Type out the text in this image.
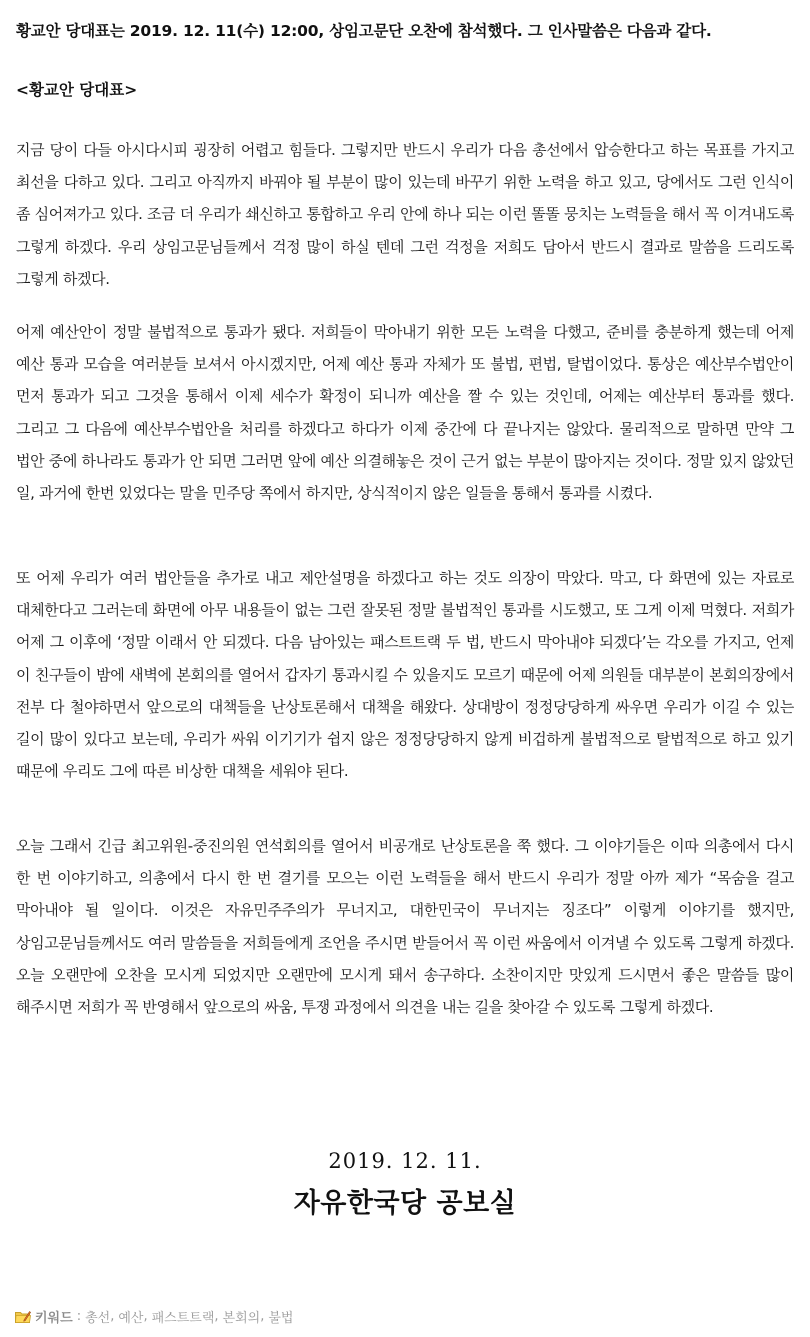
황교안 당대표는 2019. 12. 11(수) 12:00, 상임고문단 오찬에 참석했다. 그 인사말씀은 다음과 같다.
<황교안 당대표>

지금 당이 다들 아시다시피 굉장히 어렵고 힘들다. 그렇지만 반드시 우리가 다음 총선에서 압승한다고 하는 목표를 가지고 최선을 다하고 있다. 그리고 아직까지 바꿔야 될 부분이 많이 있는데 바꾸기 위한 노력을 하고 있고, 당에서도 그런 인식이 좀 심어져가고 있다. 조금 더 우리가 쇄신하고 통합하고 우리 안에 하나 되는 이런 똘똘 뭉치는 노력들을 해서 꼭 이겨내도록 그렇게 하겠다. 우리 상임고문님들께서 걱정 많이 하실 텐데 그런 걱정을 저희도 담아서 반드시 결과로 말씀을 드리도록 그렇게 하겠다.

어제 예산안이 정말 불법적으로 통과가 됐다. 저희들이 막아내기 위한 모든 노력을 다했고, 준비를 충분하게 했는데 어제 예산 통과 모습을 여러분들 보셔서 아시겠지만, 어제 예산 통과 자체가 또 불법, 편법, 탈법이었다. 통상은 예산부수법안이 먼저 통과가 되고 그것을 통해서 이제 세수가 확정이 되니까 예산을 짤 수 있는 것인데, 어제는 예산부터 통과를 했다. 그리고 그 다음에 예산부수법안을 처리를 하겠다고 하다가 이제 중간에 다 끝나지는 않았다. 물리적으로 말하면 만약 그 법안 중에 하나라도 통과가 안 되면 그러면 앞에 예산 의결해놓은 것이 근거 없는 부분이 많아지는 것이다. 정말 있지 않았던 일, 과거에 한번 있었다는 말을 민주당 쪽에서 하지만, 상식적이지 않은 일들을 통해서 통과를 시켰다.

또 어제 우리가 여러 법안들을 추가로 내고 제안설명을 하겠다고 하는 것도 의장이 막았다. 막고, 다 화면에 있는 자료로 대체한다고 그러는데 화면에 아무 내용들이 없는 그런 잘못된 정말 불법적인 통과를 시도했고, 또 그게 이제 먹혔다. 저희가 어제 그 이후에 ‘정말 이래서 안 되겠다. 다음 남아있는 패스트트랙 두 법, 반드시 막아내야 되겠다’는 각오를 가지고, 언제 이 친구들이 밤에 새벽에 본회의를 열어서 갑자기 통과시킬 수 있을지도 모르기 때문에 어제 의원들 대부분이 본회의장에서 전부 다 철야하면서 앞으로의 대책들을 난상토론해서 대책을 해왔다. 상대방이 정정당당하게 싸우면 우리가 이길 수 있는 길이 많이 있다고 보는데, 우리가 싸워 이기기가 쉽지 않은 정정당당하지 않게 비겁하게 불법적으로 탈법적으로 하고 있기 때문에 우리도 그에 따른 비상한 대책을 세워야 된다.

오늘 그래서 긴급 최고위원-중진의원 연석회의를 열어서 비공개로 난상토론을 쭉 했다. 그 이야기들은 이따 의총에서 다시 한 번 이야기하고, 의총에서 다시 한 번 결기를 모으는 이런 노력들을 해서 반드시 우리가 정말 아까 제가 “목숨을 걸고 막아내야 될 일이다. 이것은 자유민주주의가 무너지고, 대한민국이 무너지는 징조다” 이렇게 이야기를 했지만, 상임고문님들께서도 여러 말씀들을 저희들에게 조언을 주시면 받들어서 꼭 이런 싸움에서 이겨낼 수 있도록 그렇게 하겠다. 오늘 오랜만에 오찬을 모시게 되었지만 오랜만에 모시게 돼서 송구하다. 소찬이지만 맛있게 드시면서 좋은 말씀들 많이 해주시면 저희가 꼭 반영해서 앞으로의 싸움, 투쟁 과정에서 의견을 내는 길을 찾아갈 수 있도록 그렇게 하겠다.

2019. 12. 11.
자유한국당 공보실
키워드 : 총선 , 예산 , 패스트트랙 , 본회의 , 불법
